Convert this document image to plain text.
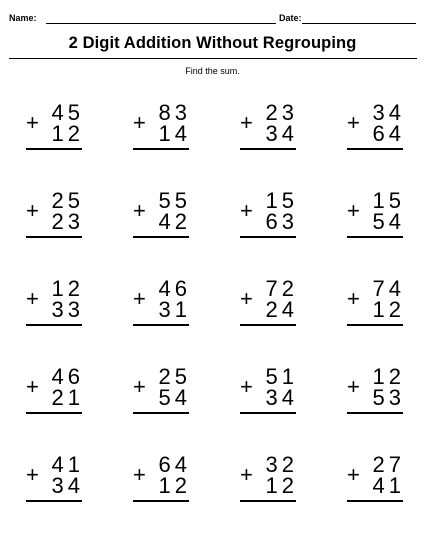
Name:	Date:
2 Digit Addition Without Regrouping
Find the sum.
45
+ 12
83
+ 14
23
+ 34
34
+ 64
25
+ 23
55
+ 42
15
+ 63
15
+ 54
12
+ 33
46
+ 31
72
+ 24
74
+ 12
46
+ 21
25
+ 54
51
+ 34
12
+ 53
41
+ 34
64
+ 12
32
+ 12
27
+ 41
